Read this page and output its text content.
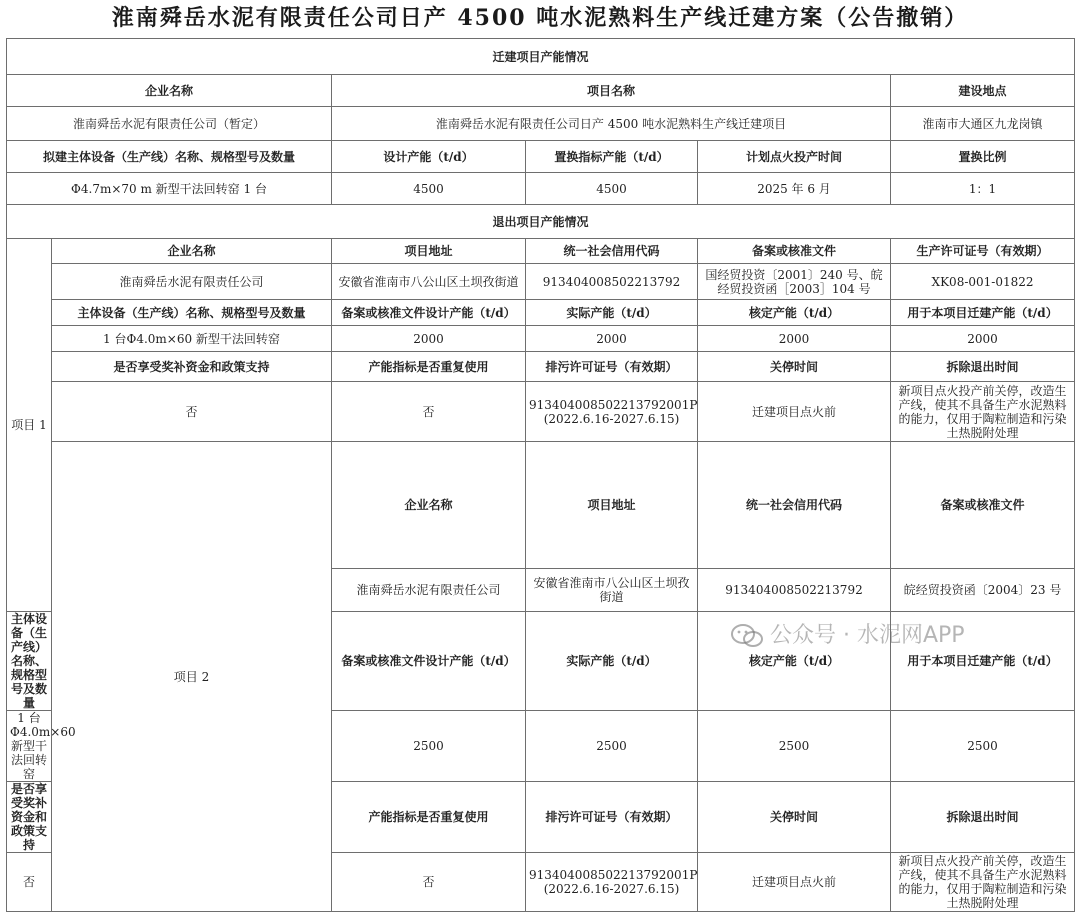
淮南舜岳水泥有限责任公司日产 4500 吨水泥熟料生产线迁建方案（公告撤销）
迁建项目产能情况						
企业名称		项目名称			建设地点	
淮南舜岳水泥有限责任公司（暂定）		淮南舜岳水泥有限责任公司日产 4500 吨水泥熟料生产线迁建项目			淮南市大通区九龙岗镇	
拟建主体设备（生产线）名称、规格型号及数量		设计产能（t/d）	置换指标产能（t/d）	计划点火投产时间	置换比例	
Φ4.7m×70 m 新型干法回转窑 1 台		4500	4500	2025 年 6 月	1：1	
退出项目产能情况						
项目 1	企业名称	项目地址	统一社会信用代码	备案或核准文件	生产许可证号（有效期）	
	淮南舜岳水泥有限责任公司	安徽省淮南市八公山区土坝孜街道	913404008502213792	国经贸投资〔2001〕240 号、皖经贸投资函［2003］104 号	XK08-001-01822	
	主体设备（生产线）名称、规格型号及数量	备案或核准文件设计产能（t/d）	实际产能（t/d）	核定产能（t/d）	用于本项目迁建产能（t/d）	
	1 台Φ4.0m×60 新型干法回转窑	2000	2000	2000	2000	
	是否享受奖补资金和政策支持	产能指标是否重复使用	排污许可证号（有效期）	关停时间	拆除退出时间	
	否	否	913404008502213792001P (2022.6.16-2027.6.15)	迁建项目点火前	新项目点火投产前关停，改造生产线，使其不具备生产水泥熟料的能力，仅用于陶粒制造和污染土热脱附处理	
	项目 2	企业名称	项目地址	统一社会信用代码	备案或核准文件	
		淮南舜岳水泥有限责任公司	安徽省淮南市八公山区土坝孜街道	913404008502213792	皖经贸投资函〔2004〕23 号	
主体设备（生产线）名称、规格型号及数量		备案或核准文件设计产能（t/d）	实际产能（t/d）	核定产能（t/d）	用于本项目迁建产能（t/d）	
1 台Φ4.0m×60 新型干法回转窑		2500	2500	2500	2500	
是否享受奖补资金和政策支持		产能指标是否重复使用	排污许可证号（有效期）	关停时间	拆除退出时间	
否		否	913404008502213792001P (2022.6.16-2027.6.15)	迁建项目点火前	新项目点火投产前关停，改造生产线，使其不具备生产水泥熟料的能力，仅用于陶粒制造和污染土热脱附处理	
公众号 · 水泥网APP
